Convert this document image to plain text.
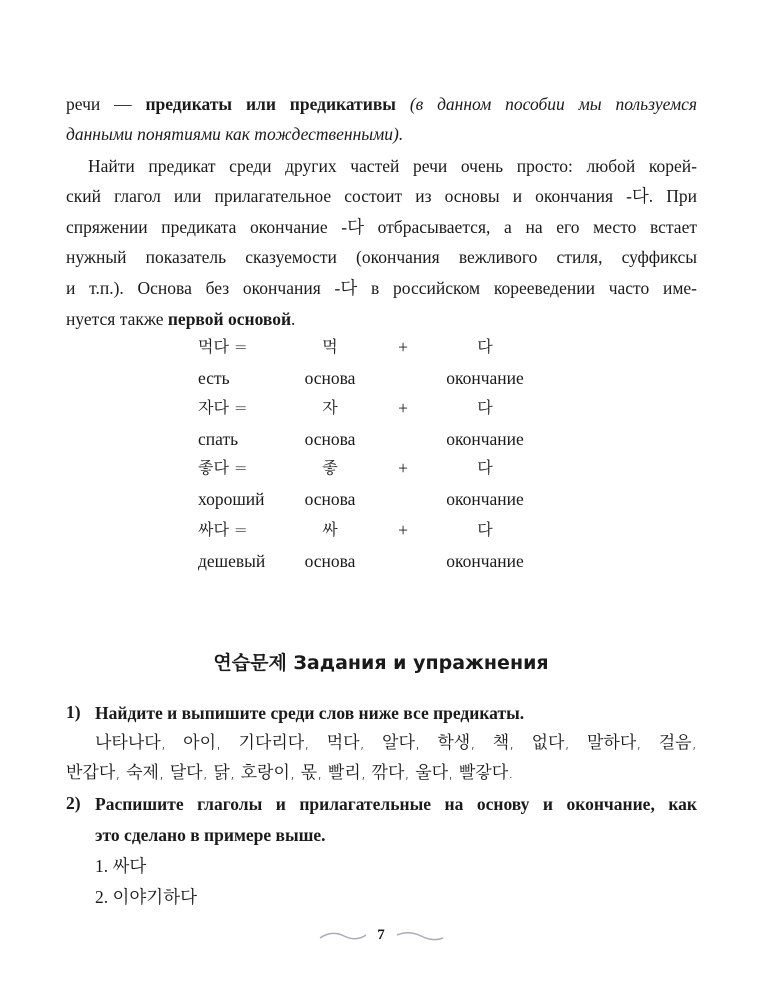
речи — предикаты или предикативы (в данном пособии мы пользуемся
данными понятиями как тождественными).
Найти предикат среди других частей речи очень просто: любой корей-
ский глагол или прилагательное состоит из основы и окончания -다. При
спряжении предиката окончание -다 отбрасывается, а на его место встает
нужный показатель сказуемости (окончания вежливого стиля, суффиксы
и т.п.). Основа без окончания -다 в российском корееведении часто име-
нуется также первой основой.
먹다 =	먹	+	다
есть	основа	окончание
자다 =	자	+	다
спать	основа	окончание
좋다 =	좋	+	다
хороший	основа	окончание
싸다 =	싸	+	다
дешевый	основа	окончание
연습문제 Задания и упражнения
1) Найдите и выпишите среди слов ниже все предикаты.
나타나다, 아이, 기다리다, 먹다, 알다, 학생, 책, 없다, 말하다, 걸음,
반갑다, 숙제, 달다, 닭, 호랑이, 몫, 빨리, 깎다, 울다, 빨갛다.
2) Распишите глаголы и прилагательные на основу и окончание, как
это сделано в примере выше.
1. 싸다
2. 이야기하다
7
